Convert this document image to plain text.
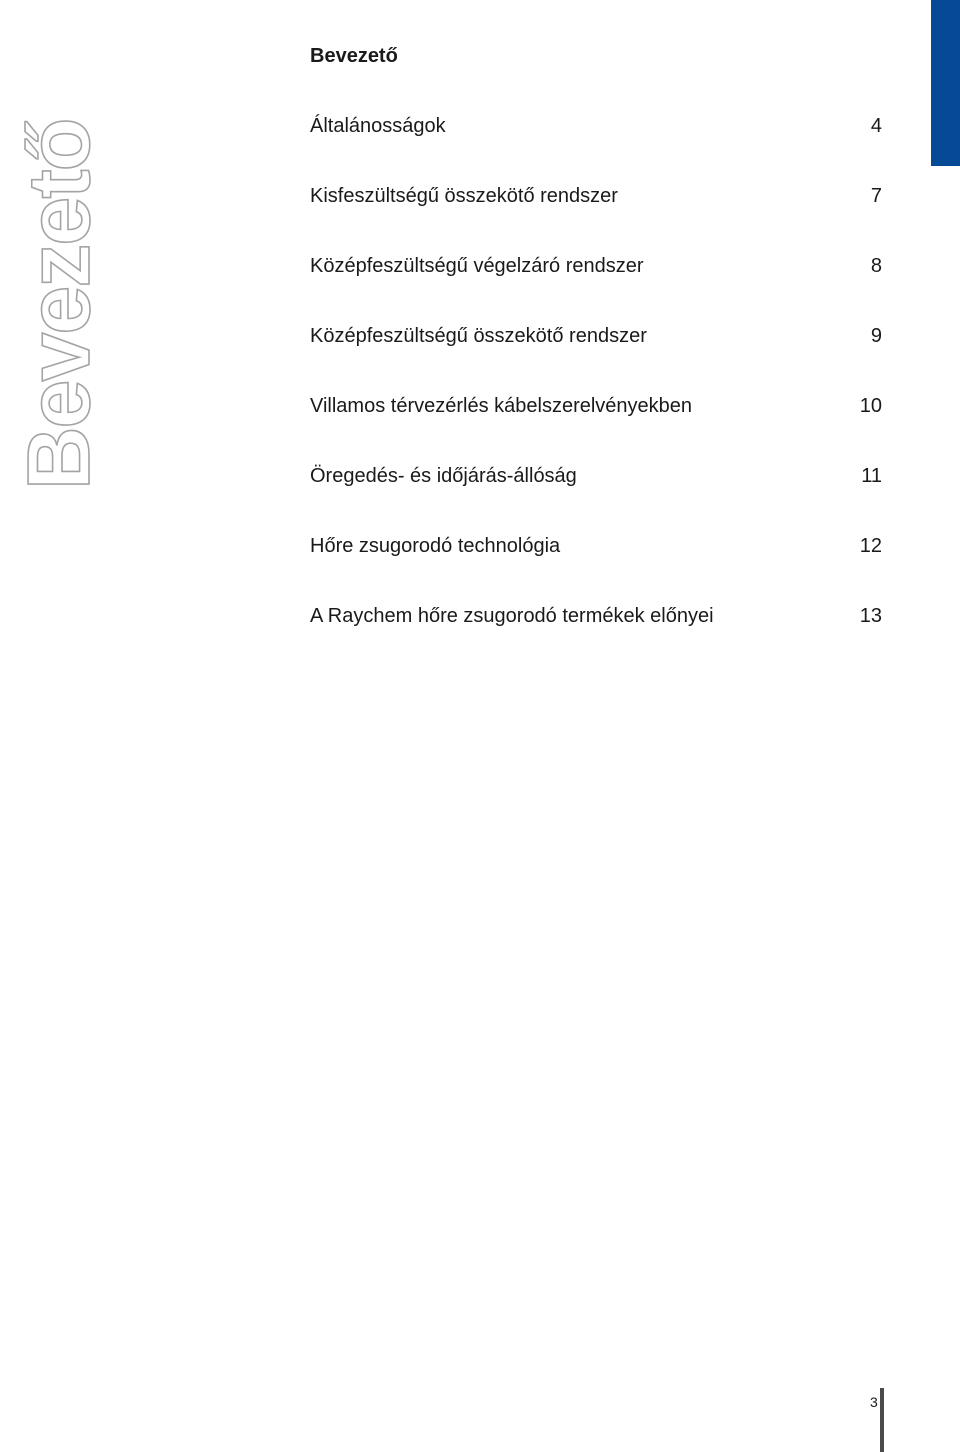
Bevezető
Bevezető
Általánosságok	4
Kisfeszültségű összekötő rendszer	7
Középfeszültségű végelzáró rendszer	8
Középfeszültségű összekötő rendszer	9
Villamos térvezérlés kábelszerelvényekben	10
Öregedés- és időjárás-állóság	11
Hőre zsugorodó technológia	12
A Raychem hőre zsugorodó termékek előnyei	13
3
